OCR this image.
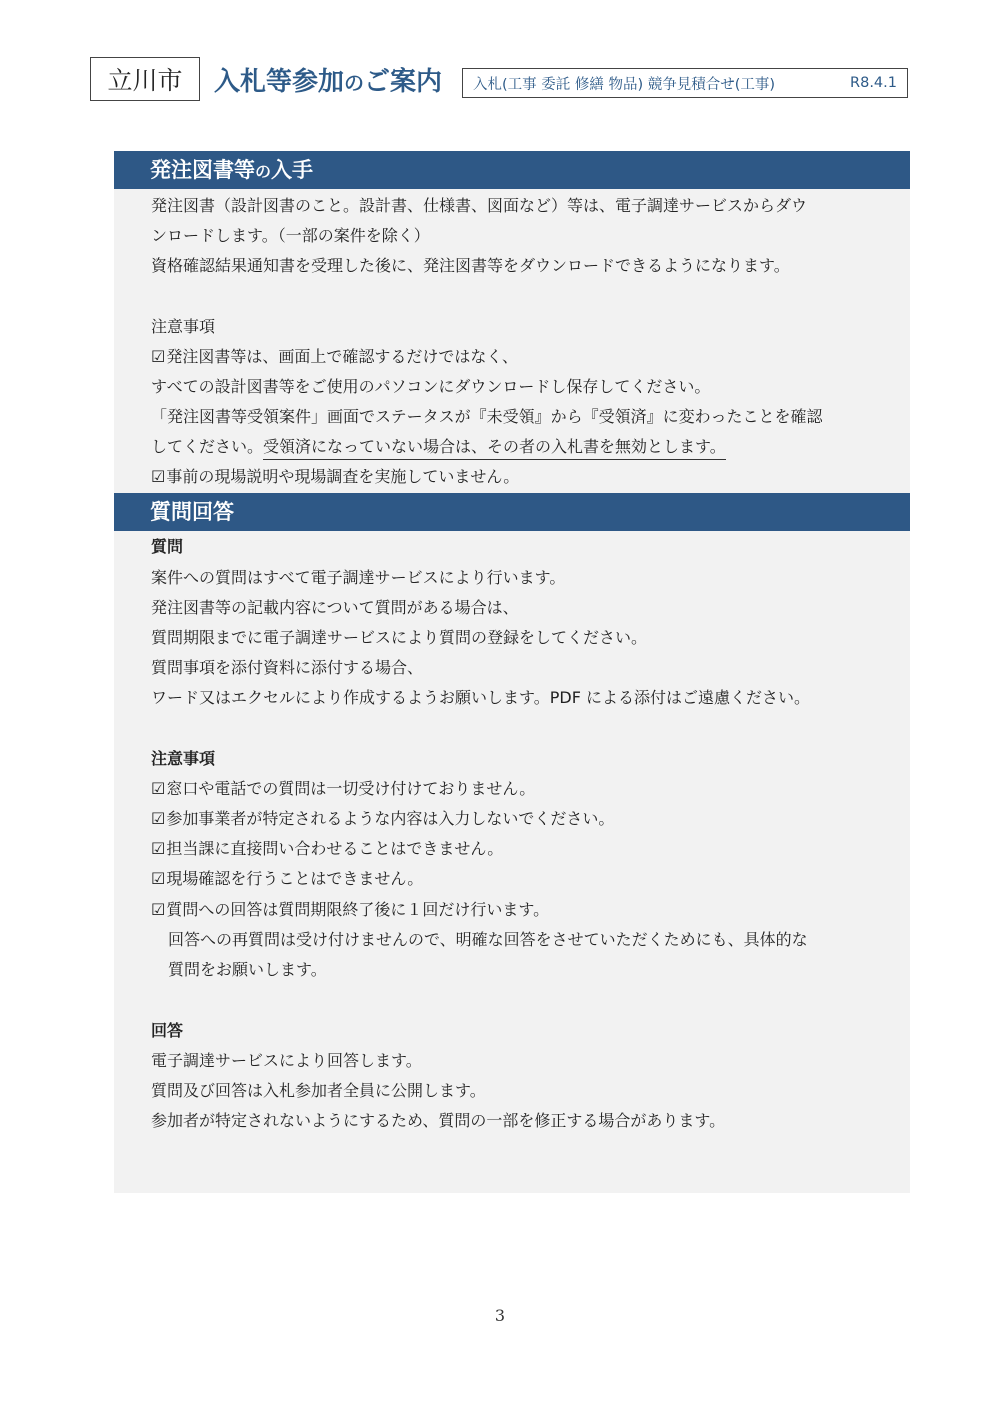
立川市	入札等参加のご案内 入札(工事 委託 修繕 物品) 競争見積合せ(工事)	R8.4.1
発注図書等の入手
発注図書（設計図書のこと。設計書、仕様書、図面など）等は、電子調達サービスからダウ
ンロードします。（一部の案件を除く）
資格確認結果通知書を受理した後に、発注図書等をダウンロードできるようになります。
注意事項
☑発注図書等は、画面上で確認するだけではなく、
すべての設計図書等をご使用のパソコンにダウンロードし保存してください。
「発注図書等受領案件」画面でステータスが『未受領』から『受領済』に変わったことを確認
してください。受領済になっていない場合は、その者の入札書を無効とします。
☑事前の現場説明や現場調査を実施していません。
質問回答
質問
案件への質問はすべて電子調達サービスにより行います。
発注図書等の記載内容について質問がある場合は、
質問期限までに電子調達サービスにより質問の登録をしてください。
質問事項を添付資料に添付する場合、
ワード又はエクセルにより作成するようお願いします。PDF による添付はご遠慮ください。
注意事項
☑窓口や電話での質問は一切受け付けておりません。
☑参加事業者が特定されるような内容は入力しないでください。
☑担当課に直接問い合わせることはできません。
☑現場確認を行うことはできません。
☑質問への回答は質問期限終了後に１回だけ行います。
回答への再質問は受け付けませんので、明確な回答をさせていただくためにも、具体的な
質問をお願いします。
回答
電子調達サービスにより回答します。
質問及び回答は入札参加者全員に公開します。
参加者が特定されないようにするため、質問の一部を修正する場合があります。
3
